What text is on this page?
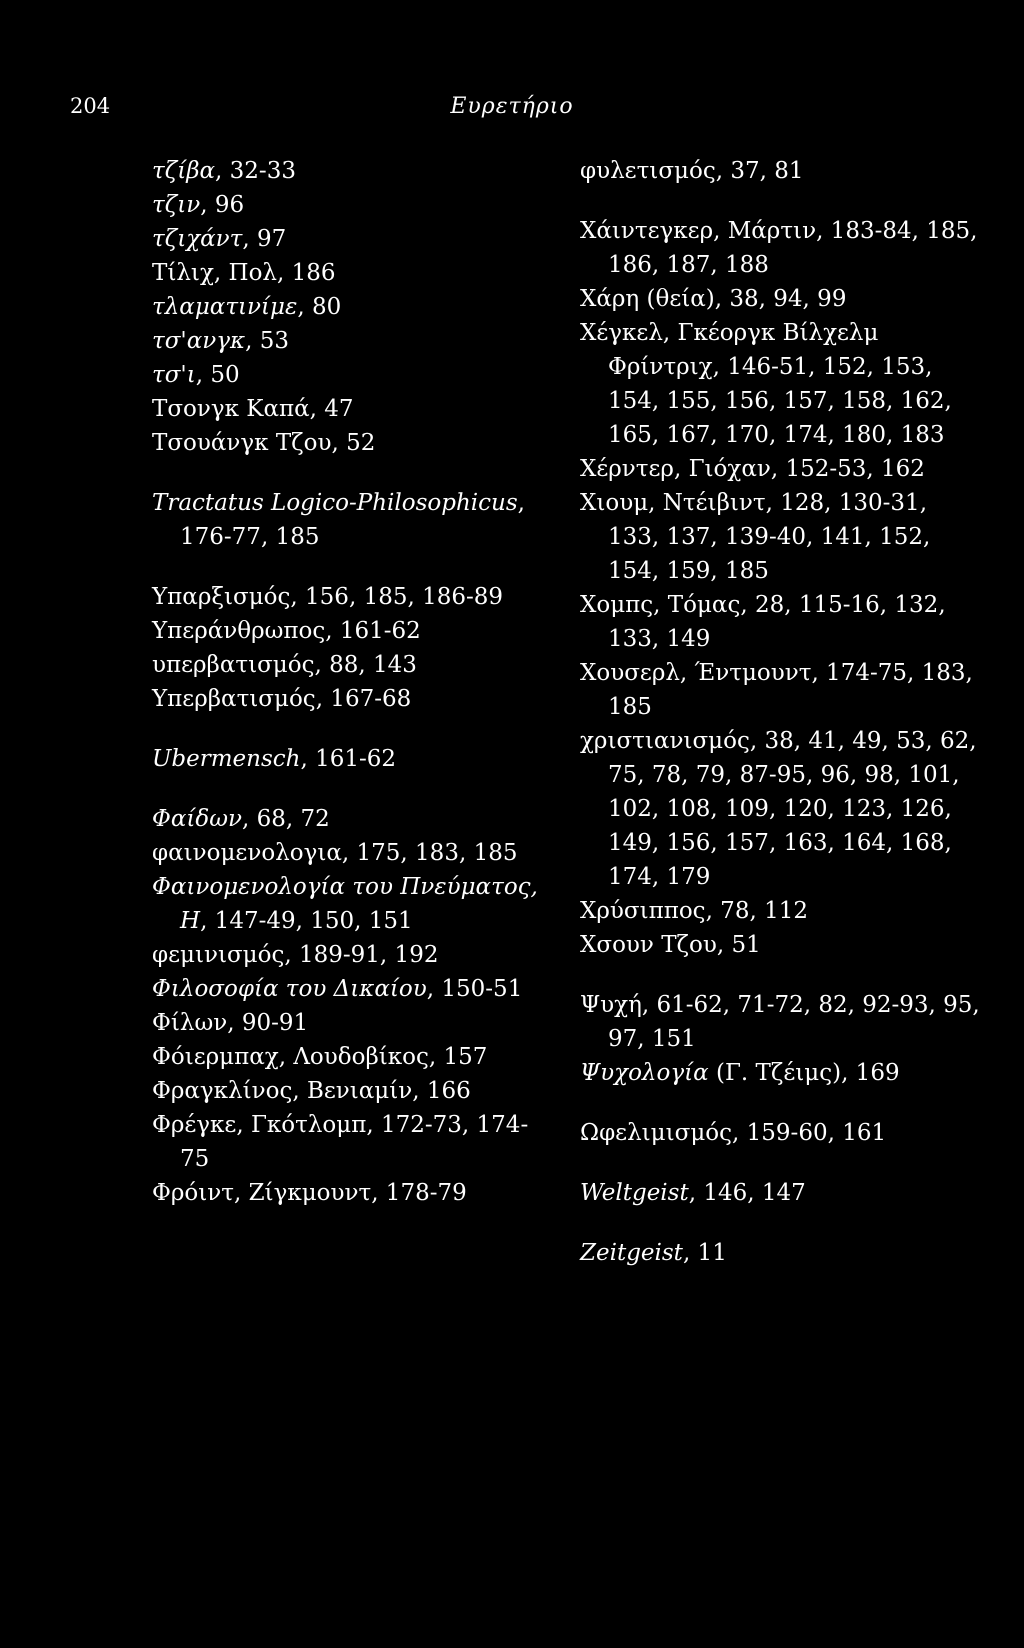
204	Ευρετήριο
τζίβα, 32-33
τζιν, 96
τζιχάντ, 97
Τίλιχ, Πολ, 186
τλαματινίμε, 80
τσ'ανγκ, 53
τσ'ι, 50
Τσονγκ Καπά, 47
Τσουάνγκ Τζου, 52
Tractatus Logico-Philosophicus, 176-77, 185
Υπαρξισμός, 156, 185, 186-89
Υπεράνθρωπος, 161-62
υπερβατισμός, 88, 143
Υπερβατισμός, 167-68
Ubermensch, 161-62
Φαίδων, 68, 72
φαινομενολογια, 175, 183, 185
Φαινομενολογία του Πνεύματος, Η, 147-49, 150, 151
φεμινισμός, 189-91, 192
Φιλοσοφία του Δικαίου, 150-51
Φίλων, 90-91
Φόιερμπαχ, Λουδοβίκος, 157
Φραγκλίνος, Βενιαμίν, 166
Φρέγκε, Γκότλομπ, 172-73, 174-75
Φρόιντ, Ζίγκμουντ, 178-79
φυλετισμός, 37, 81
Χάιντεγκερ, Μάρτιν, 183-84, 185, 186, 187, 188
Χάρη (θεία), 38, 94, 99
Χέγκελ, Γκέοργκ Βίλχελμ Φρίντριχ, 146-51, 152, 153, 154, 155, 156, 157, 158, 162, 165, 167, 170, 174, 180, 183
Χέρντερ, Γιόχαν, 152-53, 162
Χιουμ, Ντέιβιντ, 128, 130-31, 133, 137, 139-40, 141, 152, 154, 159, 185
Χομπς, Τόμας, 28, 115-16, 132, 133, 149
Χουσερλ, Έντμουντ, 174-75, 183, 185
χριστιανισμός, 38, 41, 49, 53, 62, 75, 78, 79, 87-95, 96, 98, 101, 102, 108, 109, 120, 123, 126, 149, 156, 157, 163, 164, 168, 174, 179
Χρύσιππος, 78, 112
Χσουν Τζου, 51
Ψυχή, 61-62, 71-72, 82, 92-93, 95, 97, 151
Ψυχολογία (Γ. Τζέιμς), 169
Ωφελιμισμός, 159-60, 161
Weltgeist, 146, 147
Zeitgeist, 11
